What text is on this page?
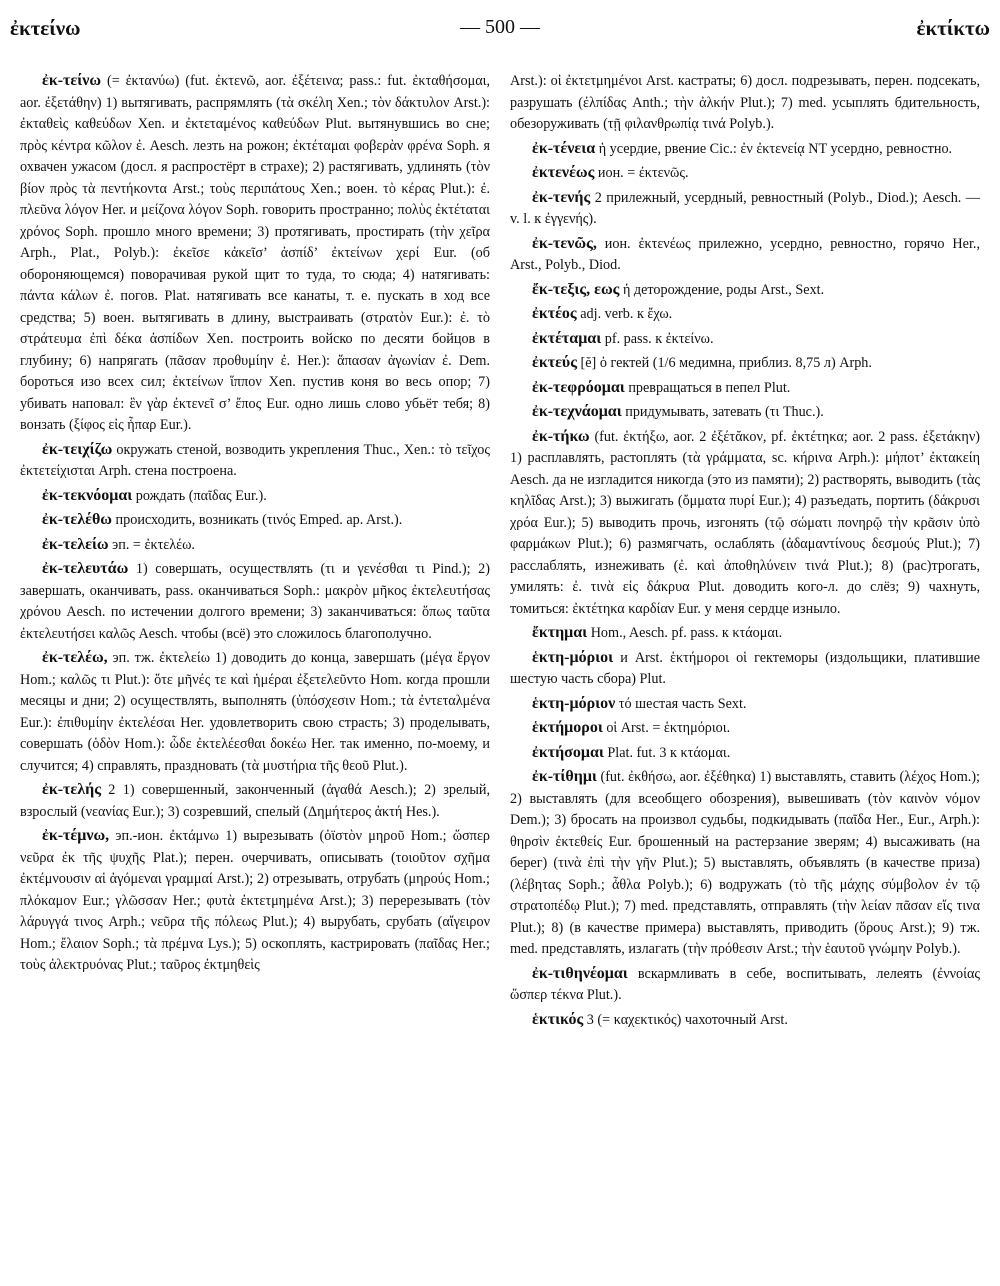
ἐκτείνω	— 500 —	ἐκτίκτω

ἐκ-τείνω (= ἐκτανύω) (fut. ἐκτενῶ, aor. ἐξέτεινα; pass.: fut. ἐκταθήσομαι, aor. ἐξετάθην) 1) вытягивать, распрямлять (τὰ σκέλη Xen.; τὸν δάκτυλον Arst.): ἐκταθεὶς καθεύδων Xen. и ἐκτεταμένος καθεύδων Plut. вытянувшись во сне; πρὸς κέντρα κῶλον ἐ. Aesch. лезть на рожон; ἐκτέταμαι φοβερὰν φρένα Soph. я охвачен ужасом (досл. я распростёрт в страхе); 2) растягивать, удлинять (τὸν βίον πρὸς τὰ πεντήκοντα Arst.; τοὺς περιπάτους Xen.; воен. τὸ κέρας Plut.): ἐ. πλεῦνα λόγον Her. и μείζονα λόγον Soph. говорить пространно; πολὺς ἐκτέταται χρόνος Soph. прошло много времени; 3) протягивать, простирать (τὴν χεῖρα Arph., Plat., Polyb.): ἐκεῖσε κἀκεῖσ’ ἀσπίδ’ ἐκτείνων χερί Eur. (об обороняющемся) поворачивая рукой щит то туда, то сюда; 4) натягивать: πάντα κάλων ἐ. погов. Plat. натягивать все канаты, т. е. пускать в ход все средства; 5) воен. вытягивать в длину, выстраивать (στρατὸν Eur.): ἐ. τὸ στράτευμα ἐπὶ δέκα ἀσπίδων Xen. построить войско по десяти бойцов в глубину; 6) напрягать (πᾶσαν προθυμίην ἐ. Her.): ἅπασαν ἀγωνίαν ἐ. Dem. бороться изо всех сил; ἐκτείνων ἵππον Xen. пустив коня во весь опор; 7) убивать наповал: ἓν γὰρ ἐκτενεῖ σ’ ἔπος Eur. одно лишь слово убьёт тебя; 8) вонзать (ξίφος εἰς ἧπαρ Eur.).

ἐκ-τειχίζω окружать стеной, возводить укрепления Thuc., Xen.: τὸ τεῖχος ἐκτετείχισται Arph. стена построена.

ἐκ-τεκνόομαι рождать (παῖδας Eur.).

ἐκ-τελέθω происходить, возникать (τινός Emped. ap. Arst.).

ἐκ-τελείω эп. = ἐκτελέω.

ἐκ-τελευτάω 1) совершать, осуществлять (τι и γενέσθαι τι Pind.); 2) завершать, оканчивать, pass. оканчиваться Soph.: μακρὸν μῆκος ἐκτελευτήσας χρόνου Aesch. по истечении долгого времени; 3) заканчиваться: ὅπως ταῦτα ἐκτελευτήσει καλῶς Aesch. чтобы (всё) это сложилось благополучно.

ἐκ-τελέω, эп. тж. ἐκτελείω 1) доводить до конца, завершать (μέγα ἔργον Hom.; καλῶς τι Plut.): ὅτε μῆνές τε καὶ ἡμέραι ἐξετελεῦντο Hom. когда прошли месяцы и дни; 2) осуществлять, выполнять (ὑπόσχεσιν Hom.; τὰ ἐντεταλμένα Eur.): ἐπιθυμίην ἐκτελέσαι Her. удовлетворить свою страсть; 3) проделывать, совершать (ὁδὸν Hom.): ὧδε ἐκτελέεσθαι δοκέω Her. так именно, по-моему, и случится; 4) справлять, праздновать (τὰ μυστήρια τῆς θεοῦ Plut.).

ἐκ-τελής 2 1) совершенный, законченный (ἀγαθά Aesch.); 2) зрелый, взрослый (νεανίας Eur.); 3) созревший, спелый (Δημήτερος ἀκτή Hes.).

ἐκ-τέμνω, эп.-ион. ἐκτάμνω 1) вырезывать (ὀϊστὸν μηροῦ Hom.; ὥσπερ νεῦρα ἐκ τῆς ψυχῆς Plat.); перен. очерчивать, описывать (τοιοῦτον σχῆμα ἐκτέμνουσιν αἱ ἀγόμεναι γραμμαί Arst.); 2) отрезывать, отрубать (μηρούς Hom.; πλόκαμον Eur.; γλῶσσαν Her.; φυτὰ ἐκτετμημένα Arst.); 3) перерезывать (τὸν λάρυγγά τινος Arph.; νεῦρα τῆς πόλεως Plut.); 4) вырубать, срубать (αἴγειρον Hom.; ἔλαιον Soph.; τὰ πρέμνα Lys.); 5) оскоплять, кастрировать (παῖδας Her.; τοὺς ἀλεκτρυόνας Plut.; ταῦρος ἐκτμηθεὶς

Arst.): οἱ ἐκτετμημένοι Arst. кастраты; 6) досл. подрезывать, перен. подсекать, разрушать (ἐλπίδας Anth.; τὴν ἀλκήν Plut.); 7) med. усыплять бдительность, обезоруживать (τῇ φιλανθρωπίᾳ τινά Polyb.).

ἐκ-τένεια ἡ усердие, рвение Cic.: ἐν ἐκτενείᾳ NT усердно, ревностно.

ἐκτενέως ион. = ἐκτενῶς.

ἐκ-τενής 2 прилежный, усердный, ревностный (Polyb., Diod.); Aesch. — v. l. к ἐγγενής).

ἐκ-τενῶς, ион. ἐκτενέως прилежно, усердно, ревностно, горячо Her., Arst., Polyb., Diod.

ἔκ-τεξις, εως ἡ деторождение, роды Arst., Sext.

ἐκτέος adj. verb. к ἔχω.

ἐκτέταμαι pf. pass. к ἐκτείνω.

ἐκτεύς [ĕ] ὁ гектей (1/6 медимна, приблиз. 8,75 л) Arph.

ἐκ-τεφρόομαι превращаться в пепел Plut.

ἐκ-τεχνάομαι придумывать, затевать (τι Thuc.).

ἐκ-τήκω (fut. ἐκτήξω, aor. 2 ἐξέτᾰκον, pf. ἐκτέτηκα; aor. 2 pass. ἐξετάκην) 1) расплавлять, растоплять (τὰ γράμματα, sc. κήρινα Arph.): μήποτ’ ἐκτακείη Aesch. да не изгладится никогда (это из памяти); 2) растворять, выводить (τὰς κηλῖδας Arst.); 3) выжигать (ὄμματα πυρί Eur.); 4) разъедать, портить (δάκρυσι χρόα Eur.); 5) выводить прочь, изгонять (τῷ σώματι πονηρῷ τὴν κρᾶσιν ὑπὸ φαρμάκων Plut.); 6) размягчать, ослаблять (ἀδαμαντίνους δεσμούς Plut.); 7) расслаблять, изнеживать (ἐ. καὶ ἀποθηλύνειν τινά Plut.); 8) (рас)трогать, умилять: ἐ. τινὰ εἰς δάκρυα Plut. доводить кого-л. до слёз; 9) чахнуть, томиться: ἐκτέτηκα καρδίαν Eur. у меня сердце изныло.

ἔκτημαι Hom., Aesch. pf. pass. к κτάομαι.

ἑκτη-μόριοι и Arst. ἑκτήμοροι οἱ гектеморы (издольщики, платившие шестую часть сбора) Plut.

ἑκτη-μόριον τό шестая часть Sext.

ἑκτήμοροι οἱ Arst. = ἑκτημόριοι.

ἐκτήσομαι Plat. fut. 3 к κτάομαι.

ἐκ-τίθημι (fut. ἐκθήσω, aor. ἐξέθηκα) 1) выставлять, ставить (λέχος Hom.); 2) выставлять (для всеобщего обозрения), вывешивать (τὸν καινὸν νόμον Dem.); 3) бросать на произвол судьбы, подкидывать (παῖδα Her., Eur., Arph.): θηρσὶν ἐκτεθείς Eur. брошенный на растерзание зверям; 4) высаживать (на берег) (τινὰ ἐπὶ τὴν γῆν Plut.); 5) выставлять, объявлять (в качестве приза) (λέβητας Soph.; ἆθλα Polyb.); 6) водружать (τὸ τῆς μάχης σύμβολον ἐν τῷ στρατοπέδῳ Plut.); 7) med. представлять, отправлять (τὴν λείαν πᾶσαν εἴς τινα Plut.); 8) (в качестве примера) выставлять, приводить (ὅρους Arst.); 9) тж. med. представлять, излагать (τὴν πρόθεσιν Arst.; τὴν ἑαυτοῦ γνώμην Polyb.).

ἐκ-τιθηνέομαι вскармливать в себе, воспитывать, лелеять (ἐννοίας ὥσπερ τέκνα Plut.).

ἑκτικός 3 (= καχεκτικός) чахоточный Arst.
